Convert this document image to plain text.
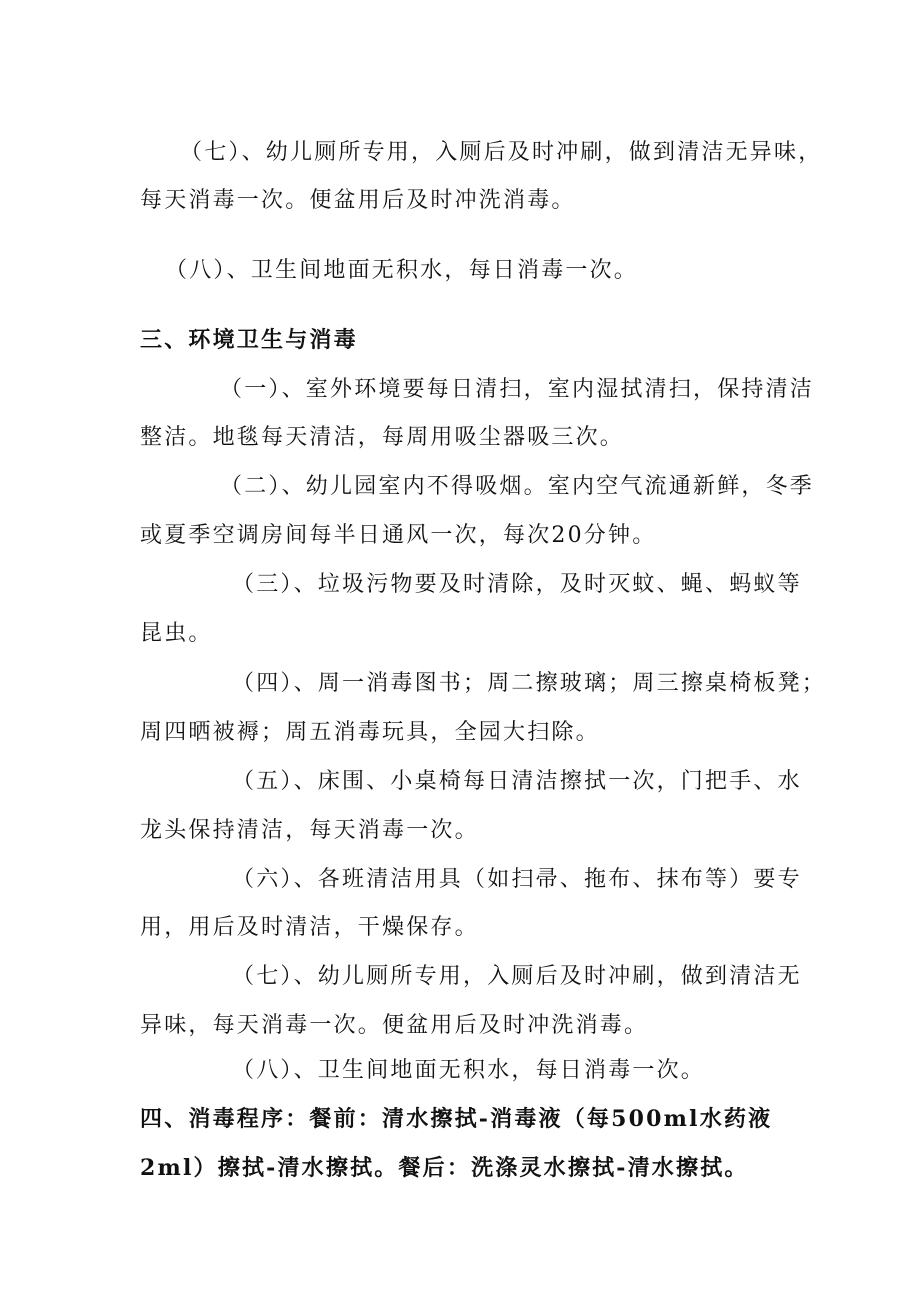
（七）、幼儿厕所专用，入厕后及时冲刷，做到清洁无异味，
每天消毒一次。便盆用后及时冲洗消毒。
（八）、卫生间地面无积水，每日消毒一次。
三、环境卫生与消毒
（一）、室外环境要每日清扫，室内湿拭清扫，保持清洁
整洁。地毯每天清洁，每周用吸尘器吸三次。
（二）、幼儿园室内不得吸烟。室内空气流通新鲜，冬季
或夏季空调房间每半日通风一次，每次20分钟。
（三）、垃圾污物要及时清除，及时灭蚊、蝇、蚂蚁等
昆虫。
（四）、周一消毒图书；周二擦玻璃；周三擦桌椅板凳；
周四晒被褥；周五消毒玩具，全园大扫除。
（五）、床围、小桌椅每日清洁擦拭一次，门把手、水
龙头保持清洁，每天消毒一次。
（六）、各班清洁用具（如扫帚、拖布、抹布等）要专
用，用后及时清洁，干燥保存。
（七）、幼儿厕所专用，入厕后及时冲刷，做到清洁无
异味，每天消毒一次。便盆用后及时冲洗消毒。
（八）、卫生间地面无积水，每日消毒一次。
四、消毒程序：餐前：清水擦拭-消毒液（每500ml水药液
2ml）擦拭-清水擦拭。餐后：洗涤灵水擦拭-清水擦拭。
